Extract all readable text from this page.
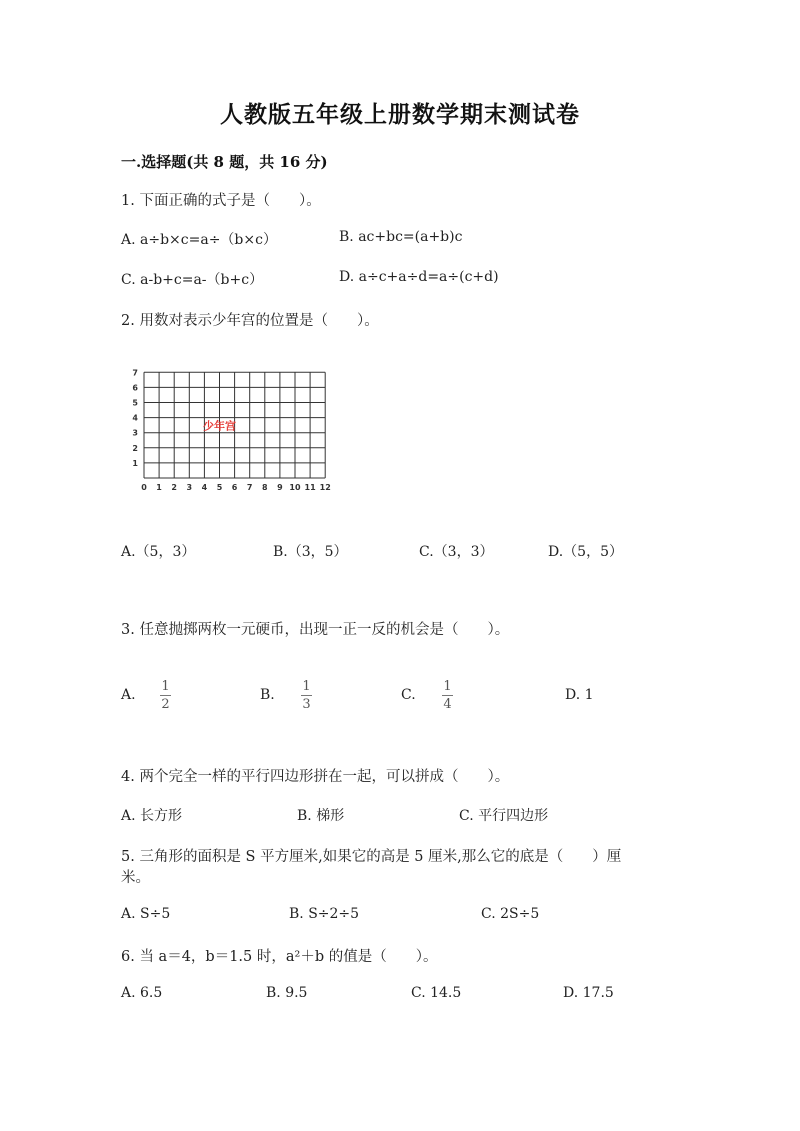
人教版五年级上册数学期末测试卷
一.选择题(共 8 题，共 16 分)
1. 下面正确的式子是（　　）。
A. a÷b×c=a÷（b×c）	B. ac+bc=(a+b)c
C. a-b+c=a-（b+c）	D. a÷c+a÷d=a÷(c+d)
2. 用数对表示少年宫的位置是（　　）。
1
2
3
4
5
6
7
0 1 2 3 4 5 6 7 8 9 10 11 12
少年宫
A.（5，3）	B.（3，5）	C.（3，3）	D.（5，5）
3. 任意抛掷两枚一元硬币，出现一正一反的机会是（　　）。
A.
1
2
B.
1
3
C.
1
4
D. 1
4. 两个完全一样的平行四边形拼在一起，可以拼成（　　）。
A. 长方形	B. 梯形	C. 平行四边形
5. 三角形的面积是 S 平方厘米,如果它的高是 5 厘米,那么它的底是（　　）厘
米。
A. S÷5	B. S÷2÷5	C. 2S÷5
6. 当 a＝4，b＝1.5 时，a²＋b 的值是（　　）。
A. 6.5	B. 9.5	C. 14.5	D. 17.5
